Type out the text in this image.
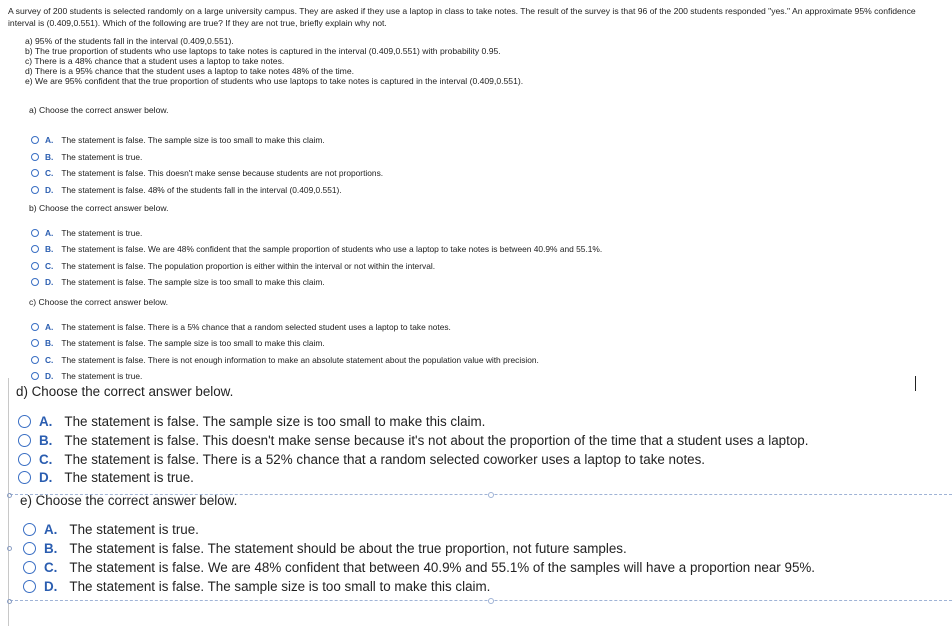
A survey of 200 students is selected randomly on a large university campus. They are asked if they use a laptop in class to take notes. The result of the survey is that 96 of the 200 students responded "yes." An approximate 95% confidence interval is (0.409,0.551). Which of the following are true? If they are not true, briefly explain why not.
a) 95% of the students fall in the interval (0.409,0.551).
b) The true proportion of students who use laptops to take notes is captured in the interval (0.409,0.551) with probability 0.95.
c) There is a 48% chance that a student uses a laptop to take notes.
d) There is a 95% chance that the student uses a laptop to take notes 48% of the time.
e) We are 95% confident that the true proportion of students who use laptops to take notes is captured in the interval (0.409,0.551).
a) Choose the correct answer below.
A. The statement is false. The sample size is too small to make this claim.
B. The statement is true.
C. The statement is false. This doesn't make sense because students are not proportions.
D. The statement is false. 48% of the students fall in the interval (0.409,0.551).
b) Choose the correct answer below.
A. The statement is true.
B. The statement is false. We are 48% confident that the sample proportion of students who use a laptop to take notes is between 40.9% and 55.1%.
C. The statement is false. The population proportion is either within the interval or not within the interval.
D. The statement is false. The sample size is too small to make this claim.
c) Choose the correct answer below.
A. The statement is false. There is a 5% chance that a random selected student uses a laptop to take notes.
B. The statement is false. The sample size is too small to make this claim.
C. The statement is false. There is not enough information to make an absolute statement about the population value with precision.
D. The statement is true.
d) Choose the correct answer below.
A. The statement is false. The sample size is too small to make this claim.
B. The statement is false. This doesn't make sense because it's not about the proportion of the time that a student uses a laptop.
C. The statement is false. There is a 52% chance that a random selected coworker uses a laptop to take notes.
D. The statement is true.
e) Choose the correct answer below.
A. The statement is true.
B. The statement is false. The statement should be about the true proportion, not future samples.
C. The statement is false. We are 48% confident that between 40.9% and 55.1% of the samples will have a proportion near 95%.
D. The statement is false. The sample size is too small to make this claim.
